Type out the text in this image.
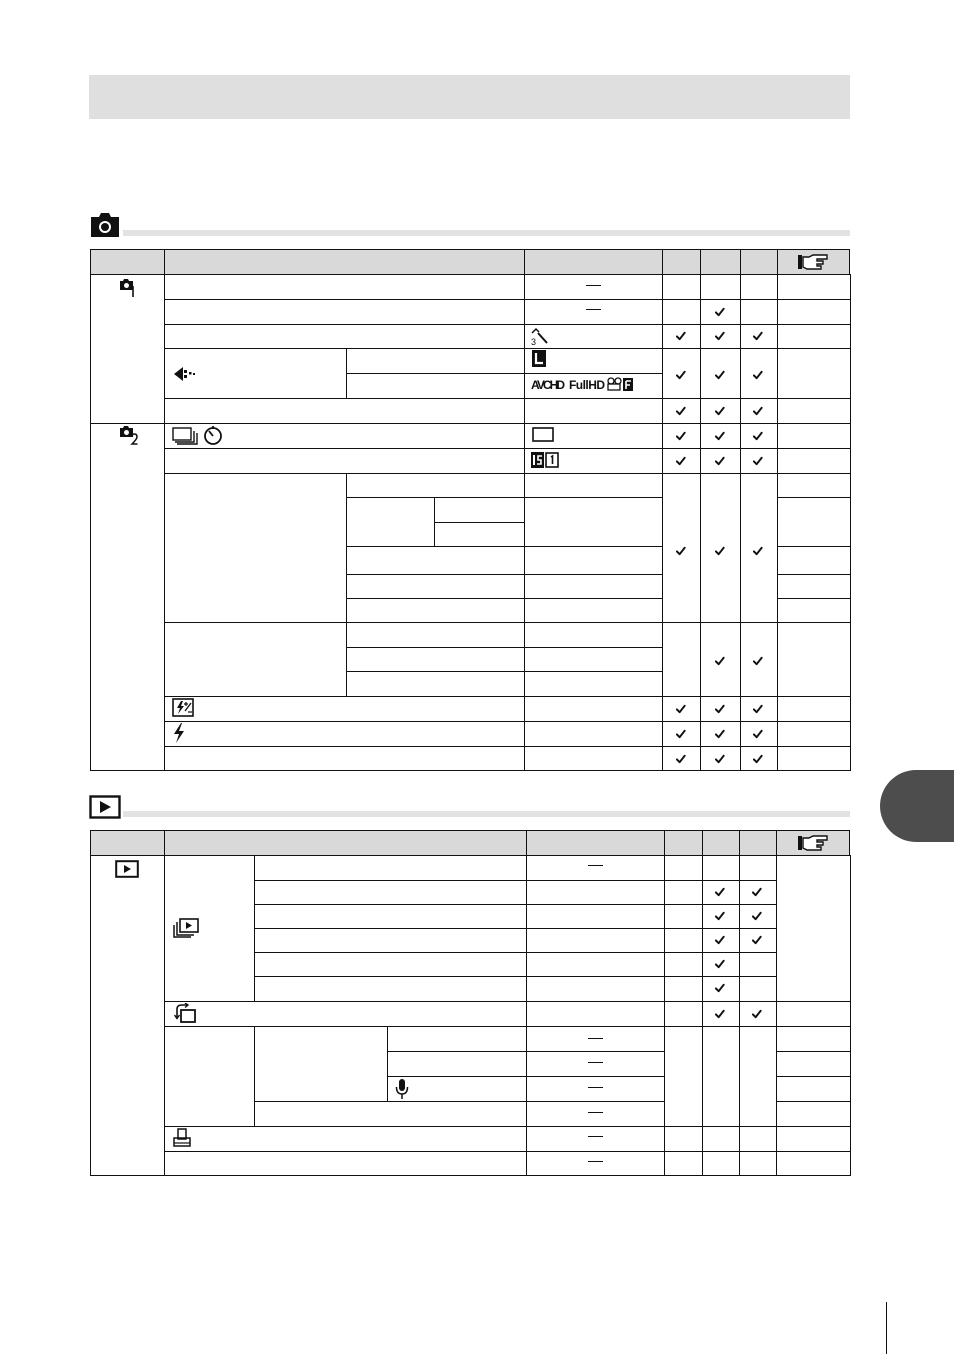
3
AVCHD FullHD
